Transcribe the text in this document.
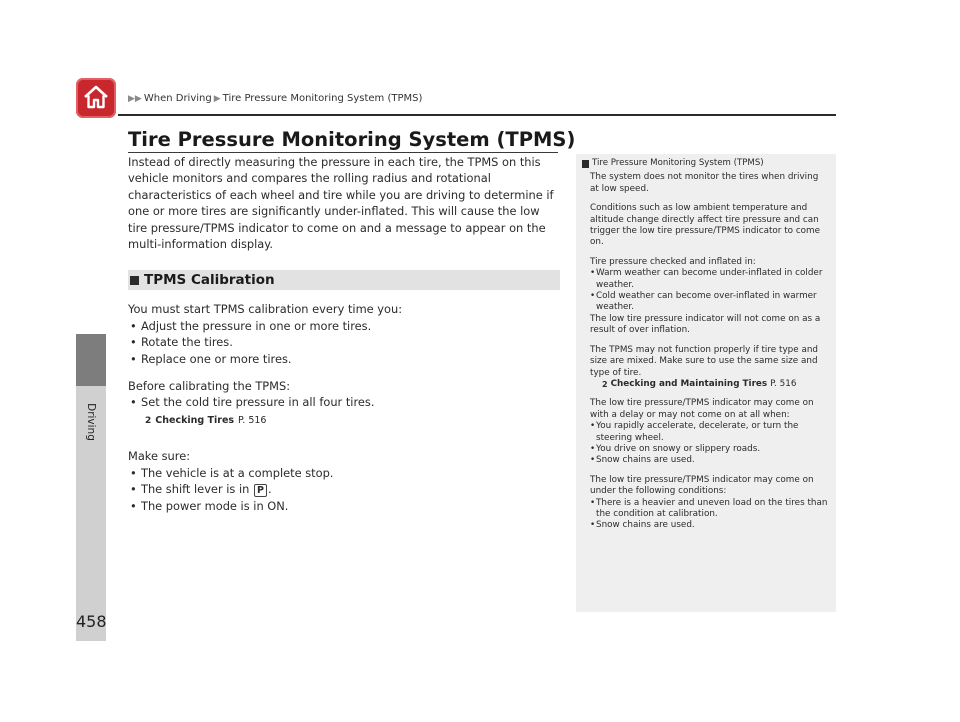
▶▶ When Driving ▶ Tire Pressure Monitoring System (TPMS)
Driving
458
Tire Pressure Monitoring System (TPMS)

Instead of directly measuring the pressure in each tire, the TPMS on this vehicle monitors and compares the rolling radius and rotational characteristics of each wheel and tire while you are driving to determine if one or more tires are significantly under-inflated. This will cause the low tire pressure/TPMS indicator to come on and a message to appear on the multi-information display.

TPMS Calibration

You must start TPMS calibration every time you:

• Adjust the pressure in one or more tires.
• Rotate the tires.
• Replace one or more tires.

Before calibrating the TPMS:

• Set the cold tire pressure in all four tires.
2 Checking Tires P. 516

Make sure:

• The vehicle is at a complete stop.
• The shift lever is in P .
• The power mode is in ON.
Tire Pressure Monitoring System (TPMS)

The system does not monitor the tires when driving at low speed.

Conditions such as low ambient temperature and altitude change directly affect tire pressure and can trigger the low tire pressure/TPMS indicator to come on.

Tire pressure checked and inflated in:

• Warm weather can become under-inflated in colder weather.
• Cold weather can become over-inflated in warmer weather.

The low tire pressure indicator will not come on as a result of over inflation.

The TPMS may not function properly if tire type and size are mixed. Make sure to use the same size and type of tire.

2 Checking and Maintaining Tires P. 516

The low tire pressure/TPMS indicator may come on with a delay or may not come on at all when:

• You rapidly accelerate, decelerate, or turn the steering wheel.
• You drive on snowy or slippery roads.
• Snow chains are used.

The low tire pressure/TPMS indicator may come on under the following conditions:

• There is a heavier and uneven load on the tires than the condition at calibration.
• Snow chains are used.
